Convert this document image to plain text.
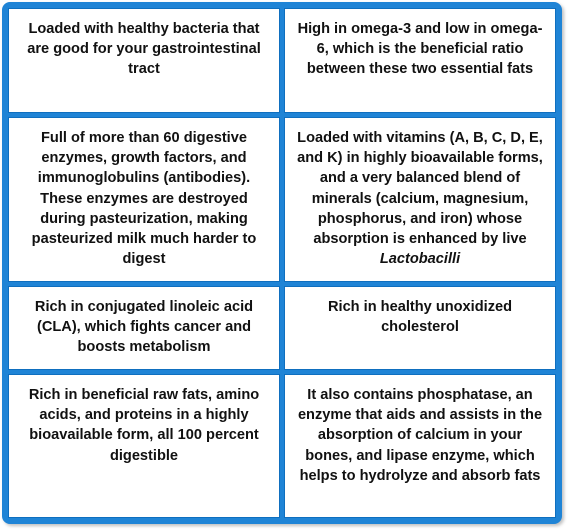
Loaded with healthy bacteria that are good for your gastrointestinal tract
High in omega-3 and low in omega-6, which is the beneficial ratio between these two essential fats
Full of more than 60 digestive enzymes, growth factors, and immunoglobulins (antibodies). These enzymes are destroyed during pasteurization, making pasteurized milk much harder to digest
Loaded with vitamins (A, B, C, D, E, and K) in highly bioavailable forms, and a very balanced blend of minerals (calcium, magnesium, phosphorus, and iron) whose absorption is enhanced by live Lactobacilli
Rich in conjugated linoleic acid (CLA), which fights cancer and boosts metabolism
Rich in healthy unoxidized cholesterol
Rich in beneficial raw fats, amino acids, and proteins in a highly bioavailable form, all 100 percent digestible
It also contains phosphatase, an enzyme that aids and assists in the absorption of calcium in your bones, and lipase enzyme, which helps to hydrolyze and absorb fats
